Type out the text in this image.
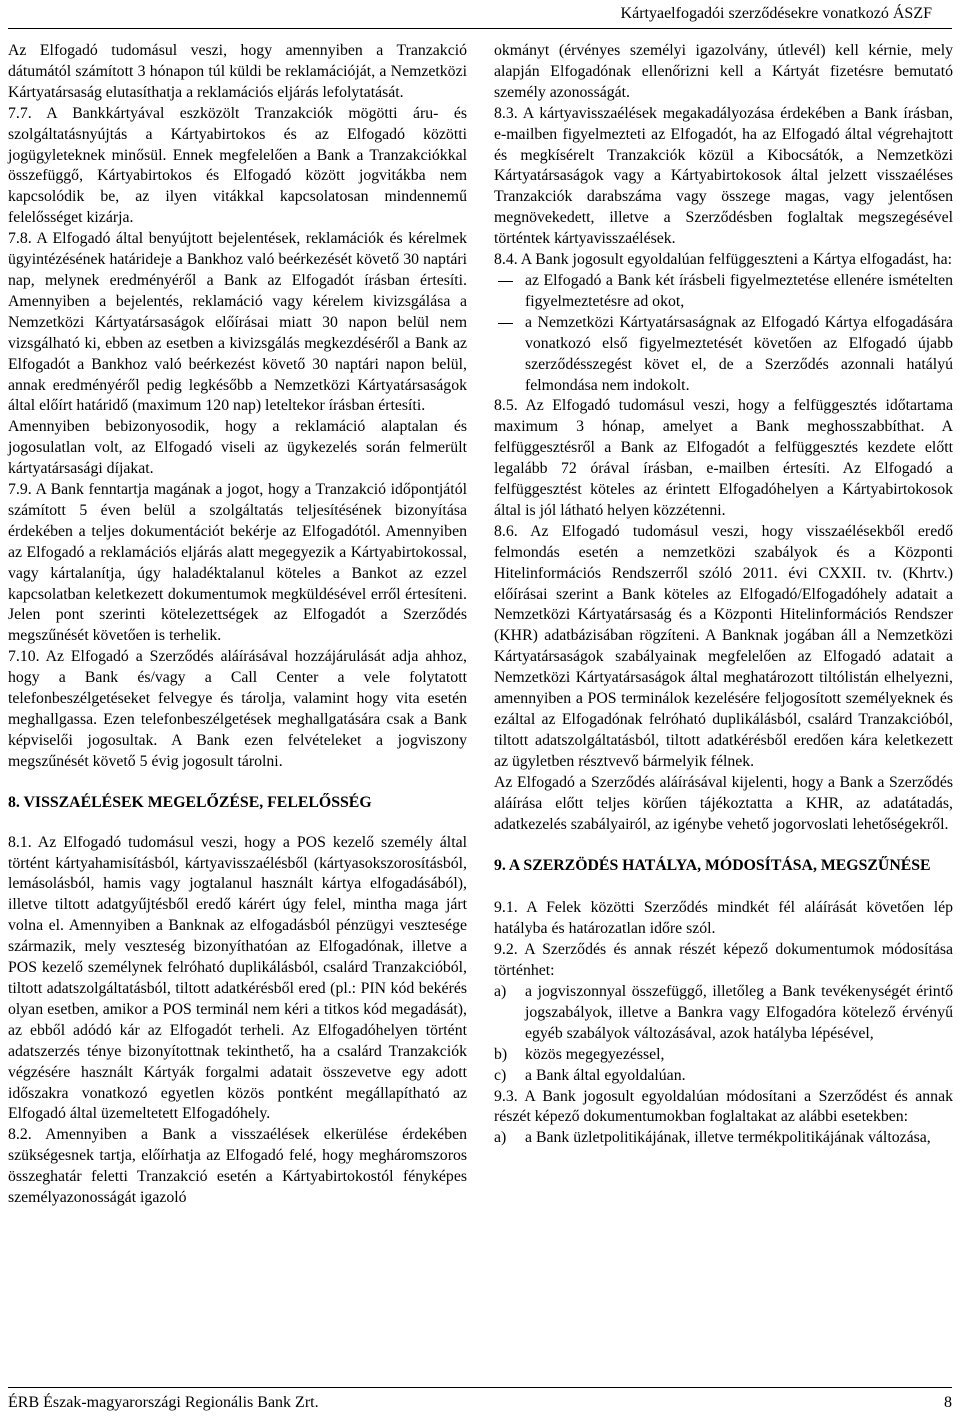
Kártyaelfogadói szerződésekre vonatkozó ÁSZF

Az Elfogadó tudomásul veszi, hogy amennyiben a Tranzakció dátumától számított 3 hónapon túl küldi be reklamációját, a Nemzetközi Kártyatársaság elutasíthatja a reklamációs eljárás lefolytatását.

7.7. A Bankkártyával eszközölt Tranzakciók mögötti áru- és szolgáltatásnyújtás a Kártyabirtokos és az Elfogadó közötti jogügyleteknek minősül. Ennek megfelelően a Bank a Tranzakciókkal összefüggő, Kártyabirtokos és Elfogadó között jogvitákba nem kapcsolódik be, az ilyen vitákkal kapcsolatosan mindennemű felelősséget kizárja.

7.8. A Elfogadó által benyújtott bejelentések, reklamációk és kérelmek ügyintézésének határideje a Bankhoz való beérkezését követő 30 naptári nap, melynek eredményéről a Bank az Elfogadót írásban értesíti. Amennyiben a bejelentés, reklamáció vagy kérelem kivizsgálása a Nemzetközi Kártyatársaságok előírásai miatt 30 napon belül nem vizsgálható ki, ebben az esetben a kivizsgálás megkezdéséről a Bank az Elfogadót a Bankhoz való beérkezést követő 30 naptári napon belül, annak eredményéről pedig legkésőbb a Nemzetközi Kártyatársaságok által előírt határidő (maximum 120 nap) leteltekor írásban értesíti.

Amennyiben bebizonyosodik, hogy a reklamáció alaptalan és jogosulatlan volt, az Elfogadó viseli az ügykezelés során felmerült kártyatársasági díjakat.

7.9. A Bank fenntartja magának a jogot, hogy a Tranzakció időpontjától számított 5 éven belül a szolgáltatás teljesítésének bizonyítása érdekében a teljes dokumentációt bekérje az Elfogadótól. Amennyiben az Elfogadó a reklamációs eljárás alatt megegyezik a Kártyabirtokossal, vagy kártalanítja, úgy haladéktalanul köteles a Bankot az ezzel kapcsolatban keletkezett dokumentumok megküldésével erről értesíteni. Jelen pont szerinti kötelezettségek az Elfogadót a Szerződés megszűnését követően is terhelik.

7.10. Az Elfogadó a Szerződés aláírásával hozzájárulását adja ahhoz, hogy a Bank és/vagy a Call Center a vele folytatott telefonbeszélgetéseket felvegye és tárolja, valamint hogy vita esetén meghallgassa. Ezen telefonbeszélgetések meghallgatására csak a Bank képviselői jogosultak. A Bank ezen felvételeket a jogviszony megszűnését követő 5 évig jogosult tárolni.

8. VISSZAÉLÉSEK MEGELŐZÉSE, FELELŐSSÉG

8.1. Az Elfogadó tudomásul veszi, hogy a POS kezelő személy által történt kártyahamisításból, kártyavisszaélésből (kártyasokszorosításból, lemásolásból, hamis vagy jogtalanul használt kártya elfogadásából), illetve tiltott adatgyűjtésből eredő kárért úgy felel, mintha maga járt volna el. Amennyiben a Banknak az elfogadásból pénzügyi vesztesége származik, mely veszteség bizonyíthatóan az Elfogadónak, illetve a POS kezelő személynek felróható duplikálásból, csalárd Tranzakcióból, tiltott adatszolgáltatásból, tiltott adatkérésből ered (pl.: PIN kód bekérés olyan esetben, amikor a POS terminál nem kéri a titkos kód megadását), az ebből adódó kár az Elfogadót terheli. Az Elfogadóhelyen történt adatszerzés ténye bizonyítottnak tekinthető, ha a csalárd Tranzakciók végzésére használt Kártyák forgalmi adatait összevetve egy adott időszakra vonatkozó egyetlen közös pontként megállapítható az Elfogadó által üzemeltetett Elfogadóhely.

8.2. Amennyiben a Bank a visszaélések elkerülése érdekében szükségesnek tartja, előírhatja az Elfogadó felé, hogy megháromszoros összeghatár feletti Tranzakció esetén a Kártyabirtokostól fényképes személyazonosságát igazoló

okmányt (érvényes személyi igazolvány, útlevél) kell kérnie, mely alapján Elfogadónak ellenőrizni kell a Kártyát fizetésre bemutató személy azonosságát.

8.3. A kártyavisszaélések megakadályozása érdekében a Bank írásban, e-mailben figyelmezteti az Elfogadót, ha az Elfogadó által végrehajtott és megkísérelt Tranzakciók közül a Kibocsátók, a Nemzetközi Kártyatársaságok vagy a Kártyabirtokosok által jelzett visszaéléses Tranzakciók darabszáma vagy összege magas, vagy jelentősen megnövekedett, illetve a Szerződésben foglaltak megszegésével történtek kártyavisszaélések.

8.4. A Bank jogosult egyoldalúan felfüggeszteni a Kártya elfogadást, ha:

az Elfogadó a Bank két írásbeli figyelmeztetése ellenére ismételten figyelmeztetésre ad okot,

a Nemzetközi Kártyatársaságnak az Elfogadó Kártya elfogadására vonatkozó első figyelmeztetését követően az Elfogadó újabb szerződésszegést követ el, de a Szerződés azonnali hatályú felmondása nem indokolt.

8.5. Az Elfogadó tudomásul veszi, hogy a felfüggesztés időtartama maximum 3 hónap, amelyet a Bank meghosszabbíthat. A felfüggesztésről a Bank az Elfogadót a felfüggesztés kezdete előtt legalább 72 órával írásban, e-mailben értesíti. Az Elfogadó a felfüggesztést köteles az érintett Elfogadóhelyen a Kártyabirtokosok által is jól látható helyen közzétenni.

8.6. Az Elfogadó tudomásul veszi, hogy visszaélésekből eredő felmondás esetén a nemzetközi szabályok és a Központi Hitelinformációs Rendszerről szóló 2011. évi CXXII. tv. (Khrtv.) előírásai szerint a Bank köteles az Elfogadó/Elfogadóhely adatait a Nemzetközi Kártyatársaság és a Központi Hitelinformációs Rendszer (KHR) adatbázisában rögzíteni. A Banknak jogában áll a Nemzetközi Kártyatársaságok szabályainak megfelelően az Elfogadó adatait a Nemzetközi Kártyatársaságok által meghatározott tiltólistán elhelyezni, amennyiben a POS terminálok kezelésére feljogosított személyeknek és ezáltal az Elfogadónak felróható duplikálásból, csalárd Tranzakcióból, tiltott adatszolgáltatásból, tiltott adatkérésből eredően kára keletkezett az ügyletben résztvevő bármelyik félnek.

Az Elfogadó a Szerződés aláírásával kijelenti, hogy a Bank a Szerződés aláírása előtt teljes körűen tájékoztatta a KHR, az adatátadás, adatkezelés szabályairól, az igénybe vehető jogorvoslati lehetőségekről.

9. A SZERZÖDÉS HATÁLYA, MÓDOSÍTÁSA, MEGSZŰNÉSE

9.1. A Felek közötti Szerződés mindkét fél aláírását követően lép hatályba és határozatlan időre szól.

9.2. A Szerződés és annak részét képező dokumentumok módosítása történhet:

a) a jogviszonnyal összefüggő, illetőleg a Bank tevékenységét érintő jogszabályok, illetve a Bankra vagy Elfogadóra kötelező érvényű egyéb szabályok változásával, azok hatályba lépésével,
b) közös megegyezéssel,
c) a Bank által egyoldalúan.

9.3. A Bank jogosult egyoldalúan módosítani a Szerződést és annak részét képező dokumentumokban foglaltakat az alábbi esetekben:

a) a Bank üzletpolitikájának, illetve termékpolitikájának változása,
ÉRB Észak-magyarországi Regionális Bank Zrt.	8
